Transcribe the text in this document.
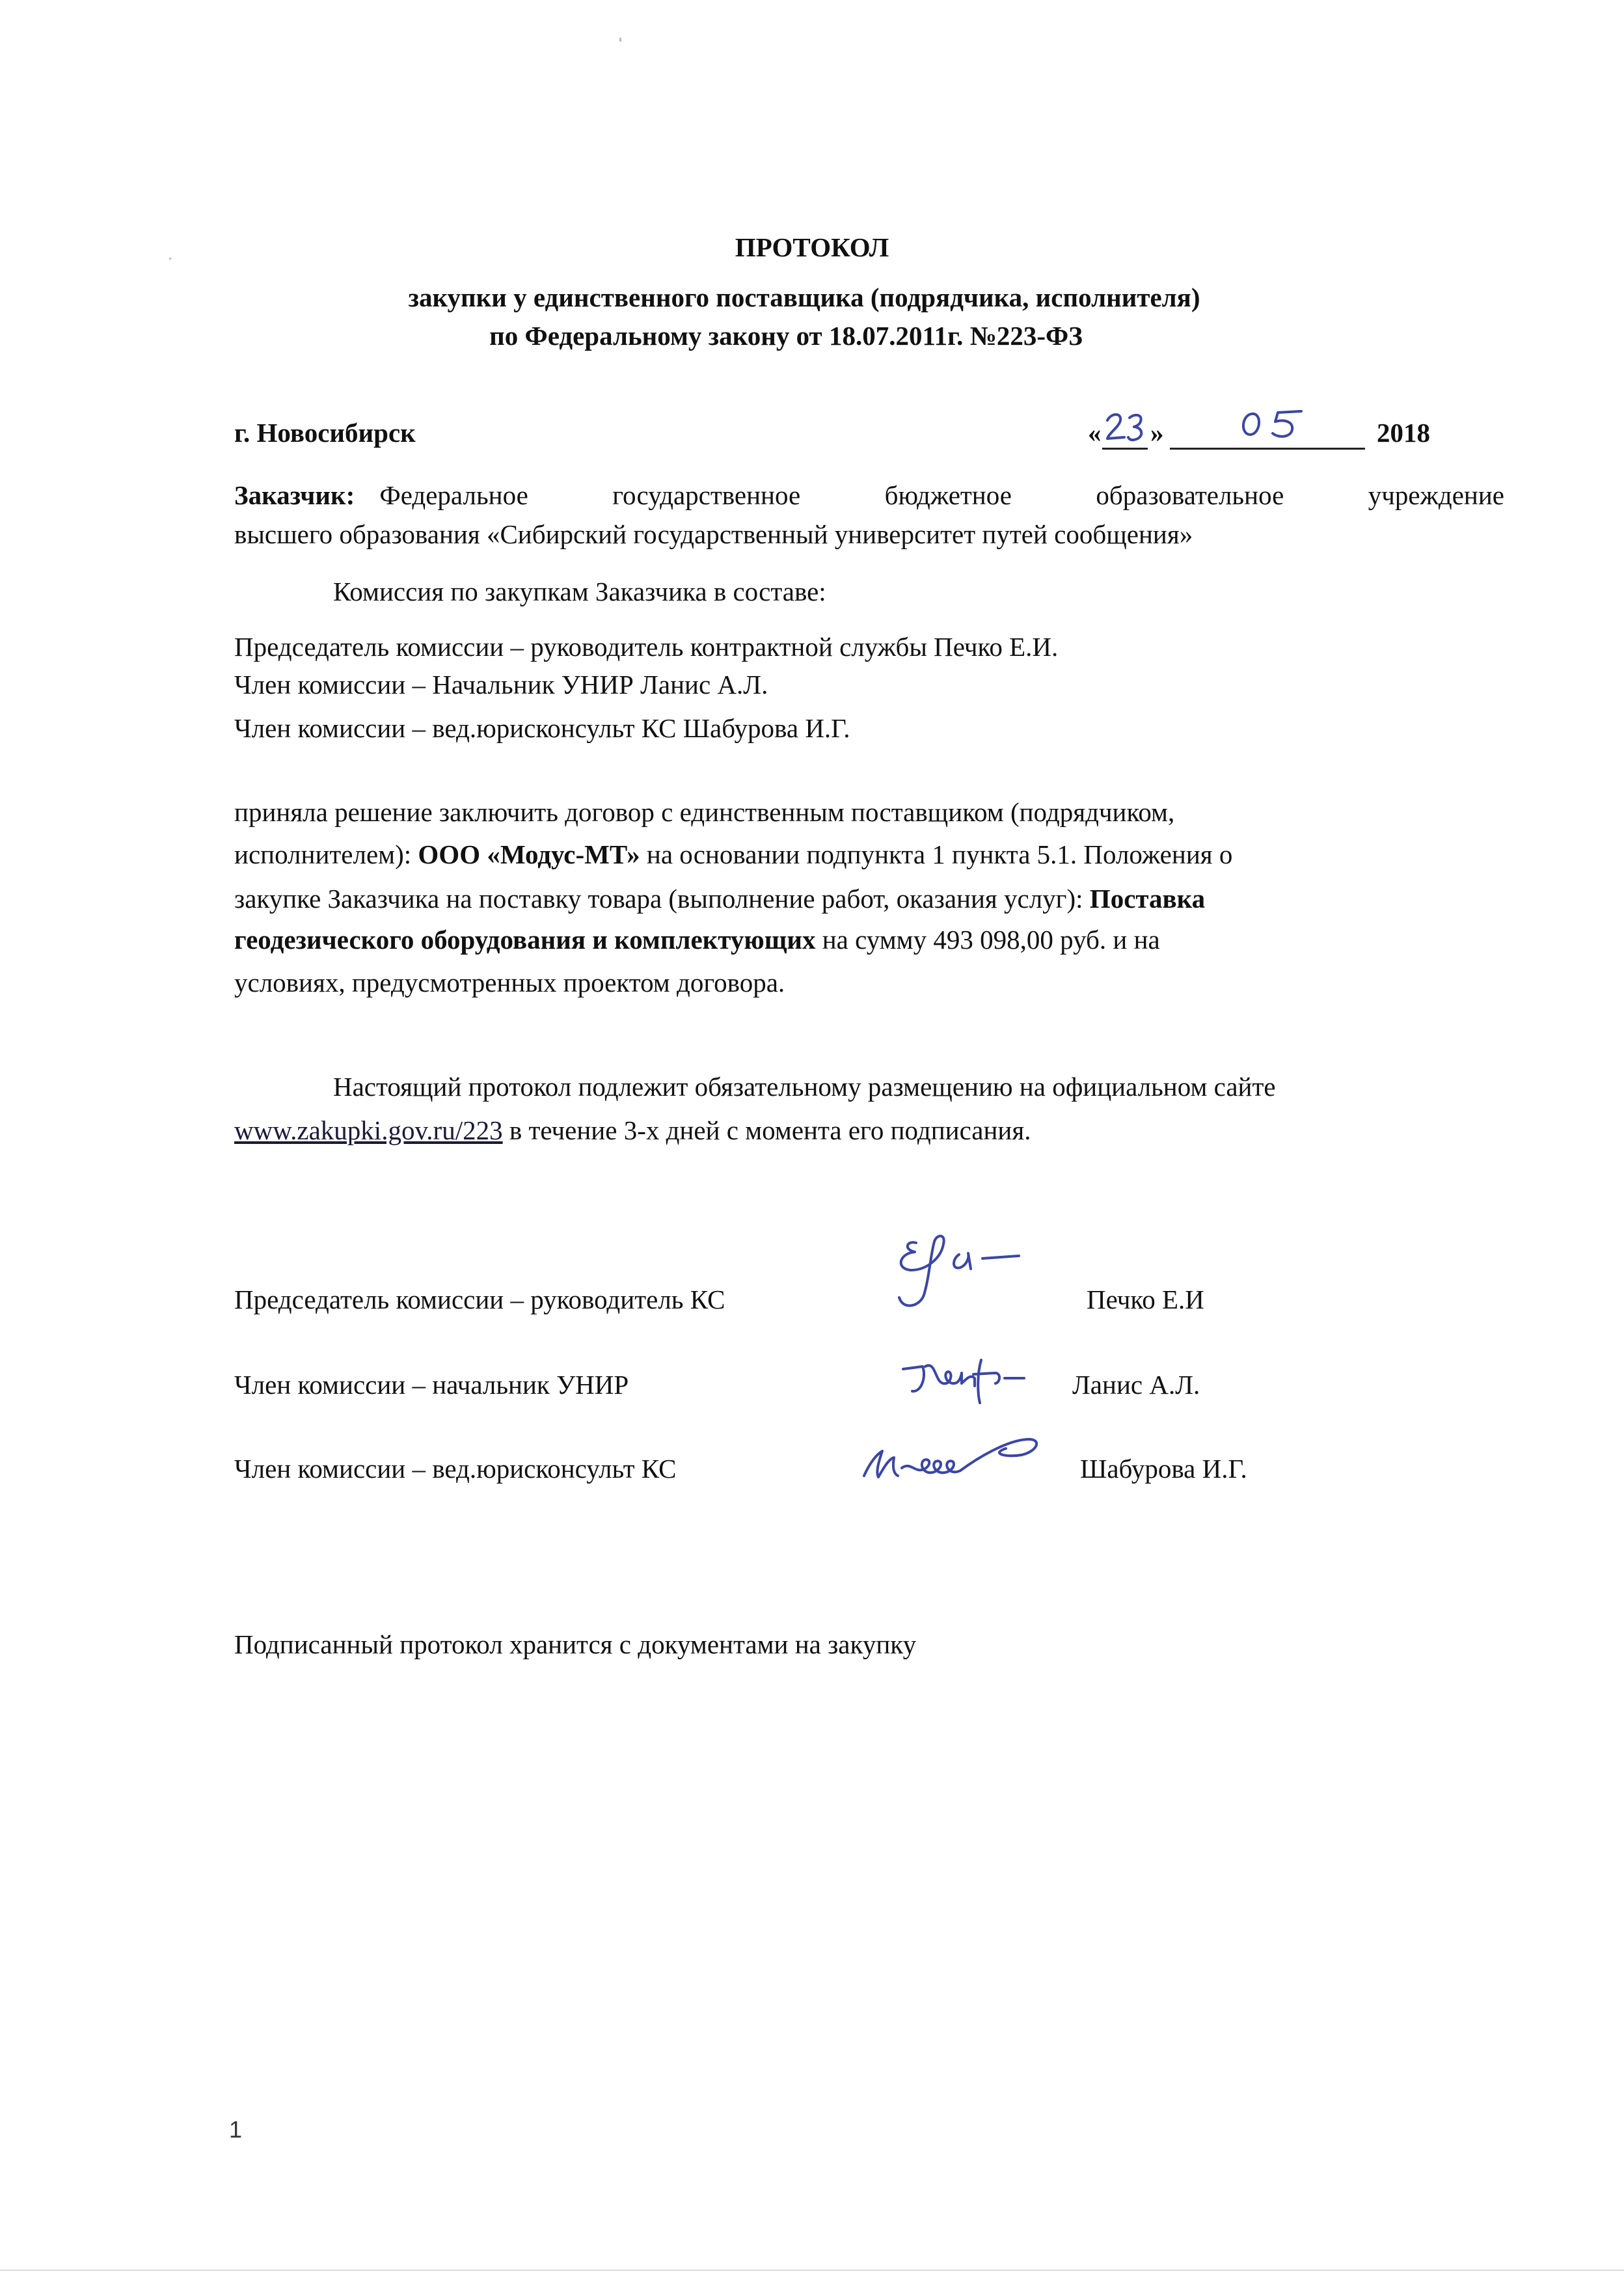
ПРОТОКОЛ
закупки у единственного поставщика (подрядчика, исполнителя)
по Федеральному закону от 18.07.2011г. №223-ФЗ
г. Новосибирск	« »	2018
Заказчик: Федеральное государственное бюджетное образовательное учреждение
высшего образования «Сибирский государственный университет путей сообщения»
Комиссия по закупкам Заказчика в составе:
Председатель комиссии – руководитель контрактной службы Печко Е.И.
Член комиссии – Начальник УНИР Ланис А.Л.
Член комиссии – вед.юрисконсульт КС Шабурова И.Г.
приняла решение заключить договор с единственным поставщиком (подрядчиком,
исполнителем): ООО «Модус-МТ» на основании подпункта 1 пункта 5.1. Положения о
закупке Заказчика на поставку товара (выполнение работ, оказания услуг): Поставка
геодезического оборудования и комплектующих на сумму 493 098,00 руб. и на
условиях, предусмотренных проектом договора.
Настоящий протокол подлежит обязательному размещению на официальном сайте
www.zakupki.gov.ru/223 в течение 3-х дней с момента его подписания.
Председатель комиссии – руководитель КС	Печко Е.И
Член комиссии – начальник УНИР	Ланис А.Л.
Член комиссии – вед.юрисконсульт КС	Шабурова И.Г.
Подписанный протокол хранится с документами на закупку
1
